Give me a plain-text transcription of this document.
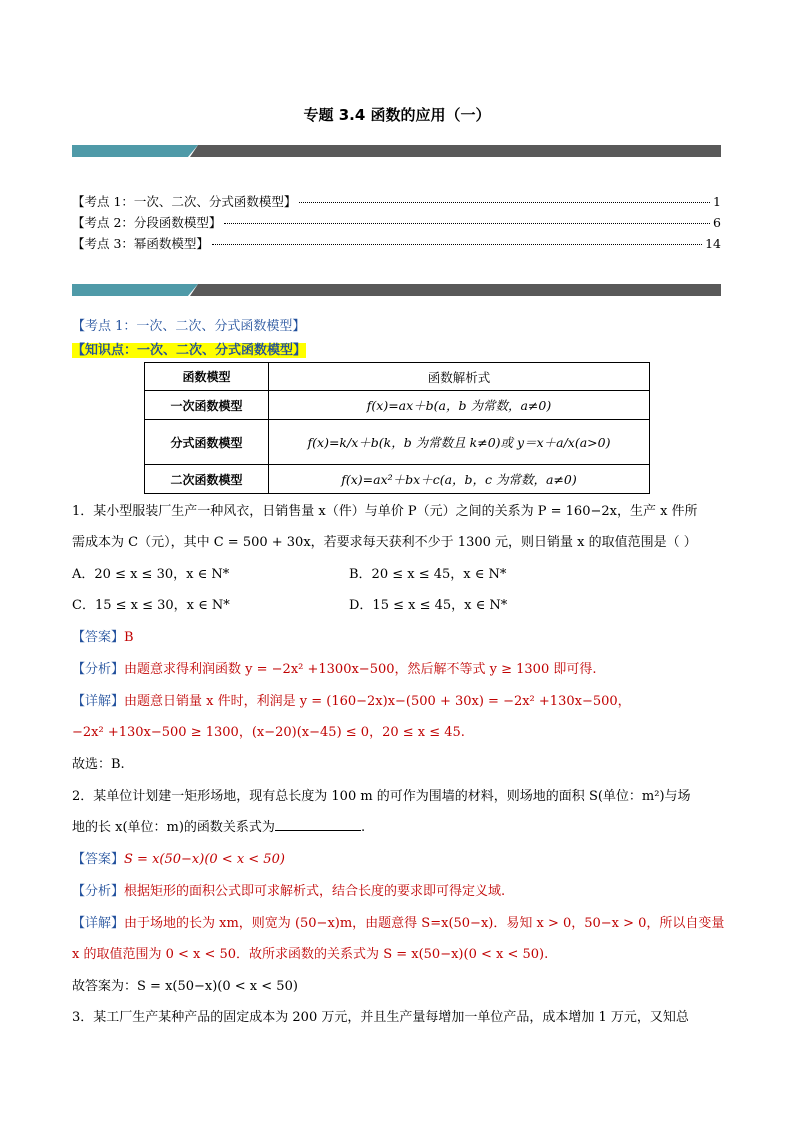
专题 3.4 函数的应用（一）
【考点 1：一次、二次、分式函数模型】	1
【考点 2：分段函数模型】	6
【考点 3：幂函数模型】	14
【考点 1：一次、二次、分式函数模型】
【知识点：一次、二次、分式函数模型】
函数模型	函数解析式
一次函数模型	f(x)=ax＋b(a，b 为常数，a≠0)
分式函数模型	f(x)=k/x＋b(k，b 为常数且 k≠0)或 y＝x＋a/x(a>0)
二次函数模型	f(x)=ax²＋bx＋c(a，b，c 为常数，a≠0)
1．某小型服装厂生产一种风衣，日销售量 x（件）与单价 P（元）之间的关系为 P = 160−2x，生产 x 件所
需成本为 C（元），其中 C = 500 + 30x，若要求每天获利不少于 1300 元，则日销量 x 的取值范围是（ ）
A．20 ≤ x ≤ 30，x ∈ N*	B．20 ≤ x ≤ 45，x ∈ N*
C．15 ≤ x ≤ 30，x ∈ N*	D．15 ≤ x ≤ 45，x ∈ N*
【答案】B
【分析】由题意求得利润函数 y = −2x² +1300x−500，然后解不等式 y ≥ 1300 即可得.
【详解】由题意日销量 x 件时，利润是 y = (160−2x)x−(500 + 30x) = −2x² +130x−500，
−2x² +130x−500 ≥ 1300，(x−20)(x−45) ≤ 0，20 ≤ x ≤ 45.
故选：B.
2．某单位计划建一矩形场地，现有总长度为 100 m 的可作为围墙的材料，则场地的面积 S(单位：m²)与场
地的长 x(单位：m)的函数关系式为	.
【答案】S = x(50−x)(0 < x < 50)
【分析】根据矩形的面积公式即可求解析式，结合长度的要求即可得定义域.
【详解】由于场地的长为 xm，则宽为 (50−x)m，由题意得 S=x(50−x)．易知 x > 0，50−x > 0，所以自变量
x 的取值范围为 0 < x < 50．故所求函数的关系式为 S = x(50−x)(0 < x < 50).
故答案为：S = x(50−x)(0 < x < 50)
3．某工厂生产某种产品的固定成本为 200 万元，并且生产量每增加一单位产品，成本增加 1 万元，又知总
